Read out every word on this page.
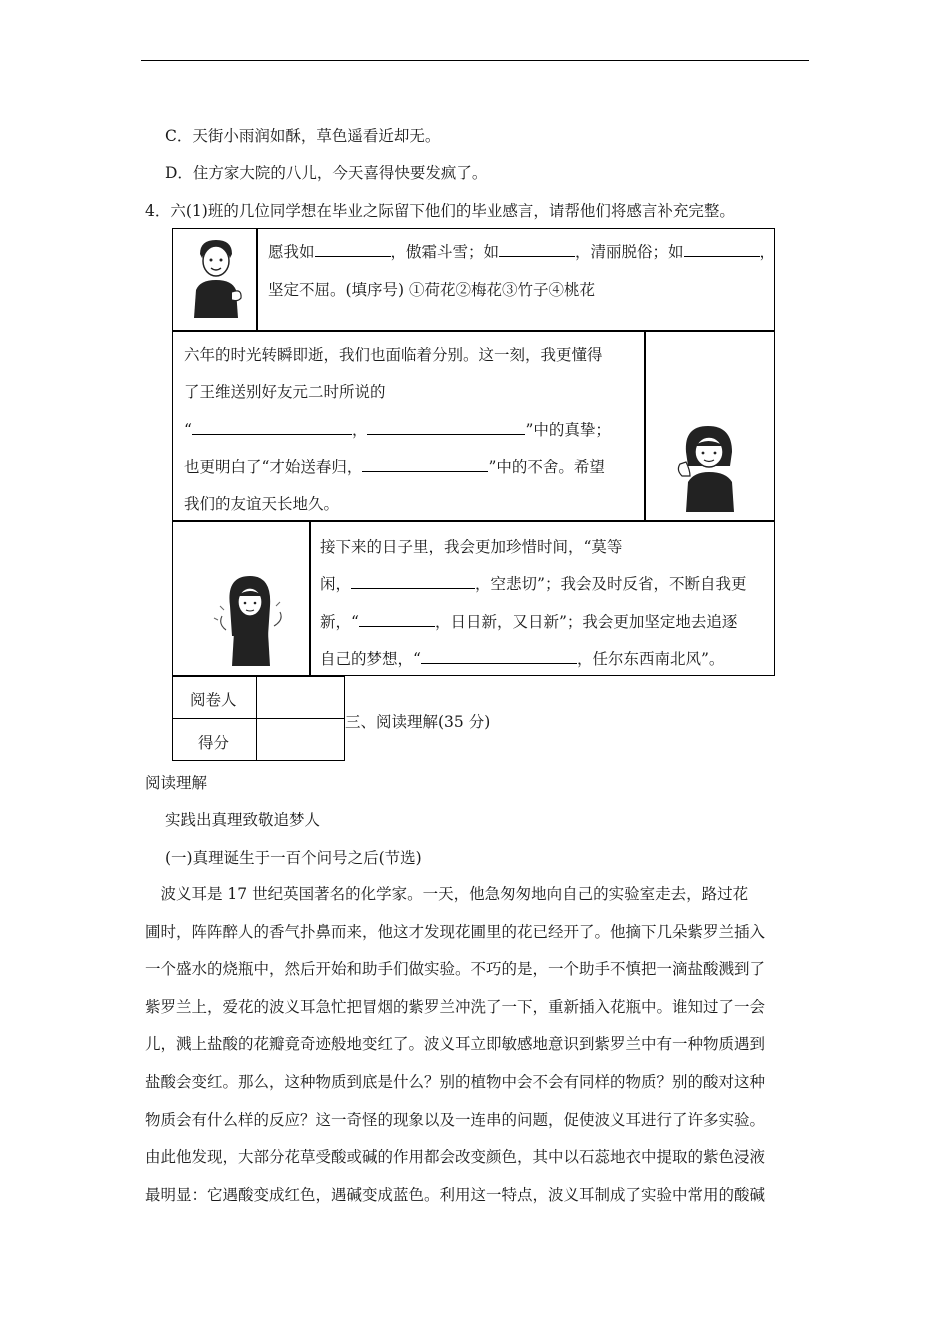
C．天街小雨润如酥，草色遥看近却无。
D．住方家大院的八儿，今天喜得快要发疯了。
4．六(1)班的几位同学想在毕业之际留下他们的毕业感言，请帮他们将感言补充完整。
愿我如	，傲霜斗雪；如	，清丽脱俗；如	，
坚定不屈。(填序号) ①荷花②梅花③竹子④桃花
六年的时光转瞬即逝，我们也面临着分别。这一刻，我更懂得
了王维送别好友元二时所说的
“	，	”中的真挚；
也更明白了“才始送春归，	”中的不舍。希望
我们的友谊天长地久。
接下来的日子里，我会更加珍惜时间，“莫等
闲，	，空悲切”；我会及时反省，不断自我更
新，“	，日日新，又日新”；我会更加坚定地去追逐
自己的梦想，“	，任尔东西南北风”。
阅卷人
得分
三、阅读理解(35 分)
阅读理解
实践出真理致敬追梦人
(一)真理诞生于一百个问号之后(节选)
　波义耳是 17 世纪英国著名的化学家。一天，他急匆匆地向自己的实验室走去，路过花
圃时，阵阵醉人的香气扑鼻而来，他这才发现花圃里的花已经开了。他摘下几朵紫罗兰插入
一个盛水的烧瓶中，然后开始和助手们做实验。不巧的是，一个助手不慎把一滴盐酸溅到了
紫罗兰上，爱花的波义耳急忙把冒烟的紫罗兰冲洗了一下，重新插入花瓶中。谁知过了一会
儿，溅上盐酸的花瓣竟奇迹般地变红了。波义耳立即敏感地意识到紫罗兰中有一种物质遇到
盐酸会变红。那么，这种物质到底是什么？别的植物中会不会有同样的物质？别的酸对这种
物质会有什么样的反应？这一奇怪的现象以及一连串的问题，促使波义耳进行了许多实验。
由此他发现，大部分花草受酸或碱的作用都会改变颜色，其中以石蕊地衣中提取的紫色浸液
最明显：它遇酸变成红色，遇碱变成蓝色。利用这一特点，波义耳制成了实验中常用的酸碱
